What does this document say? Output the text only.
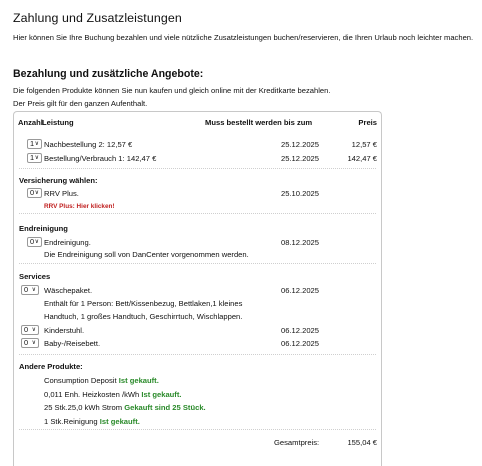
Zahlung und Zusatzleistungen
Hier können Sie Ihre Buchung bezahlen und viele nützliche Zusatzleistungen buchen/reservieren, die Ihren Urlaub noch leichter machen.
Bezahlung und zusätzliche Angebote:
Die folgenden Produkte können Sie nun kaufen und gleich online mit der Kreditkarte bezahlen.
Der Preis gilt für den ganzen Aufenthalt.
Anzahl Leistung	Muss bestellt werden bis zum	Preis
1 ∨ Nachbestellung 2: 12,57 €	25.12.2025	12,57 €
1 ∨ Bestellung/Verbrauch 1: 142,47 €	25.12.2025	142,47 €
Versicherung wählen:
0 ∨ RRV Plus.	25.10.2025
RRV Plus: Hier klicken!
Endreinigung
0 ∨ Endreinigung.	08.12.2025
Die Endreinigung soll von DanCenter vorgenommen werden.
Services
0 ∨ Wäschepaket.	06.12.2025
Enthält für 1 Person: Bett/Kissenbezug, Bettlaken,1 kleines
Handtuch, 1 großes Handtuch, Geschirrtuch, Wischlappen.
0 ∨ Kinderstuhl.	06.12.2025
0 ∨ Baby-/Reisebett.	06.12.2025
Andere Produkte:
Consumption Deposit Ist gekauft.
0,011 Enh. Heizkosten /kWh Ist gekauft.
25 Stk.25,0 kWh Strom Gekauft sind 25 Stück.
1 Stk.Reinigung Ist gekauft.
Gesamtpreis:	155,04 €
